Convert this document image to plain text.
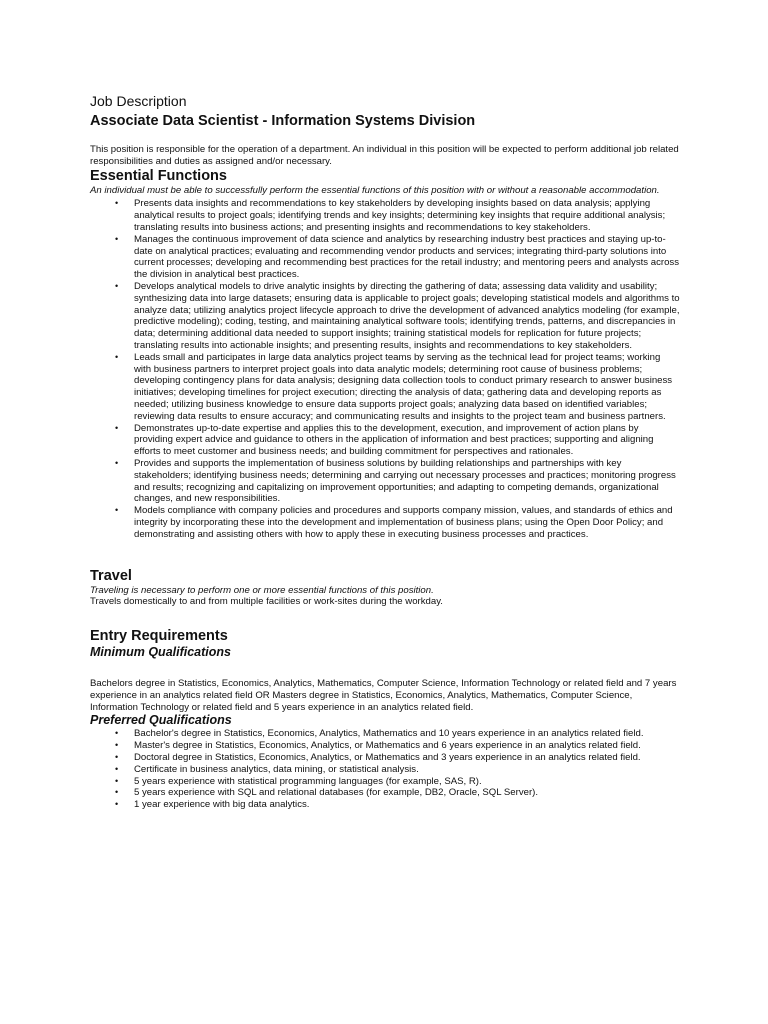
Job Description

Associate Data Scientist - Information Systems Division

This position is responsible for the operation of a department. An individual in this position will be expected to perform additional job related responsibilities and duties as assigned and/or necessary.

Essential Functions

An individual must be able to successfully perform the essential functions of this position with or without a reasonable accommodation.

• Presents data insights and recommendations to key stakeholders by developing insights based on data analysis; applying analytical results to project goals; identifying trends and key insights; determining key insights that require additional analysis; translating results into business actions; and presenting insights and recommendations to key stakeholders.
• Manages the continuous improvement of data science and analytics by researching industry best practices and staying up-to-date on analytical practices; evaluating and recommending vendor products and services; integrating third-party solutions into current processes; developing and recommending best practices for the retail industry; and mentoring peers and analysts across the division in analytical best practices.
• Develops analytical models to drive analytic insights by directing the gathering of data; assessing data validity and usability; synthesizing data into large datasets; ensuring data is applicable to project goals; developing statistical models and algorithms to analyze data; utilizing analytics project lifecycle approach to drive the development of advanced analytics modeling (for example, predictive modeling); coding, testing, and maintaining analytical software tools; identifying trends, patterns, and discrepancies in data; determining additional data needed to support insights; training statistical models for replication for future projects; translating results into actionable insights; and presenting results, insights and recommendations to key stakeholders.
• Leads small and participates in large data analytics project teams by serving as the technical lead for project teams; working with business partners to interpret project goals into data analytic models; determining root cause of business problems; developing contingency plans for data analysis; designing data collection tools to conduct primary research to answer business initiatives; developing timelines for project execution; directing the analysis of data; gathering data and developing reports as needed; utilizing business knowledge to ensure data supports project goals; analyzing data based on identified variables; reviewing data results to ensure accuracy; and communicating results and insights to the project team and business partners.
• Demonstrates up-to-date expertise and applies this to the development, execution, and improvement of action plans by providing expert advice and guidance to others in the application of information and best practices; supporting and aligning efforts to meet customer and business needs; and building commitment for perspectives and rationales.
• Provides and supports the implementation of business solutions by building relationships and partnerships with key stakeholders; identifying business needs; determining and carrying out necessary processes and practices; monitoring progress and results; recognizing and capitalizing on improvement opportunities; and adapting to competing demands, organizational changes, and new responsibilities.
• Models compliance with company policies and procedures and supports company mission, values, and standards of ethics and integrity by incorporating these into the development and implementation of business plans; using the Open Door Policy; and demonstrating and assisting others with how to apply these in executing business processes and practices.
Travel

Traveling is necessary to perform one or more essential functions of this position.

Travels domestically to and from multiple facilities or work-sites during the workday.

Entry Requirements
Minimum Qualifications

Bachelors degree in Statistics, Economics, Analytics, Mathematics, Computer Science, Information Technology or related field and 7 years experience in an analytics related field OR Masters degree in Statistics, Economics, Analytics, Mathematics, Computer Science, Information Technology or related field and 5 years experience in an analytics related field.

Preferred Qualifications
• Bachelor's degree in Statistics, Economics, Analytics, Mathematics and 10 years experience in an analytics related field.
• Master's degree in Statistics, Economics, Analytics, or Mathematics and 6 years experience in an analytics related field.
• Doctoral degree in Statistics, Economics, Analytics, or Mathematics and 3 years experience in an analytics related field.
• Certificate in business analytics, data mining, or statistical analysis.
• 5 years experience with statistical programming languages (for example, SAS, R).
• 5 years experience with SQL and relational databases (for example, DB2, Oracle, SQL Server).
• 1 year experience with big data analytics.
